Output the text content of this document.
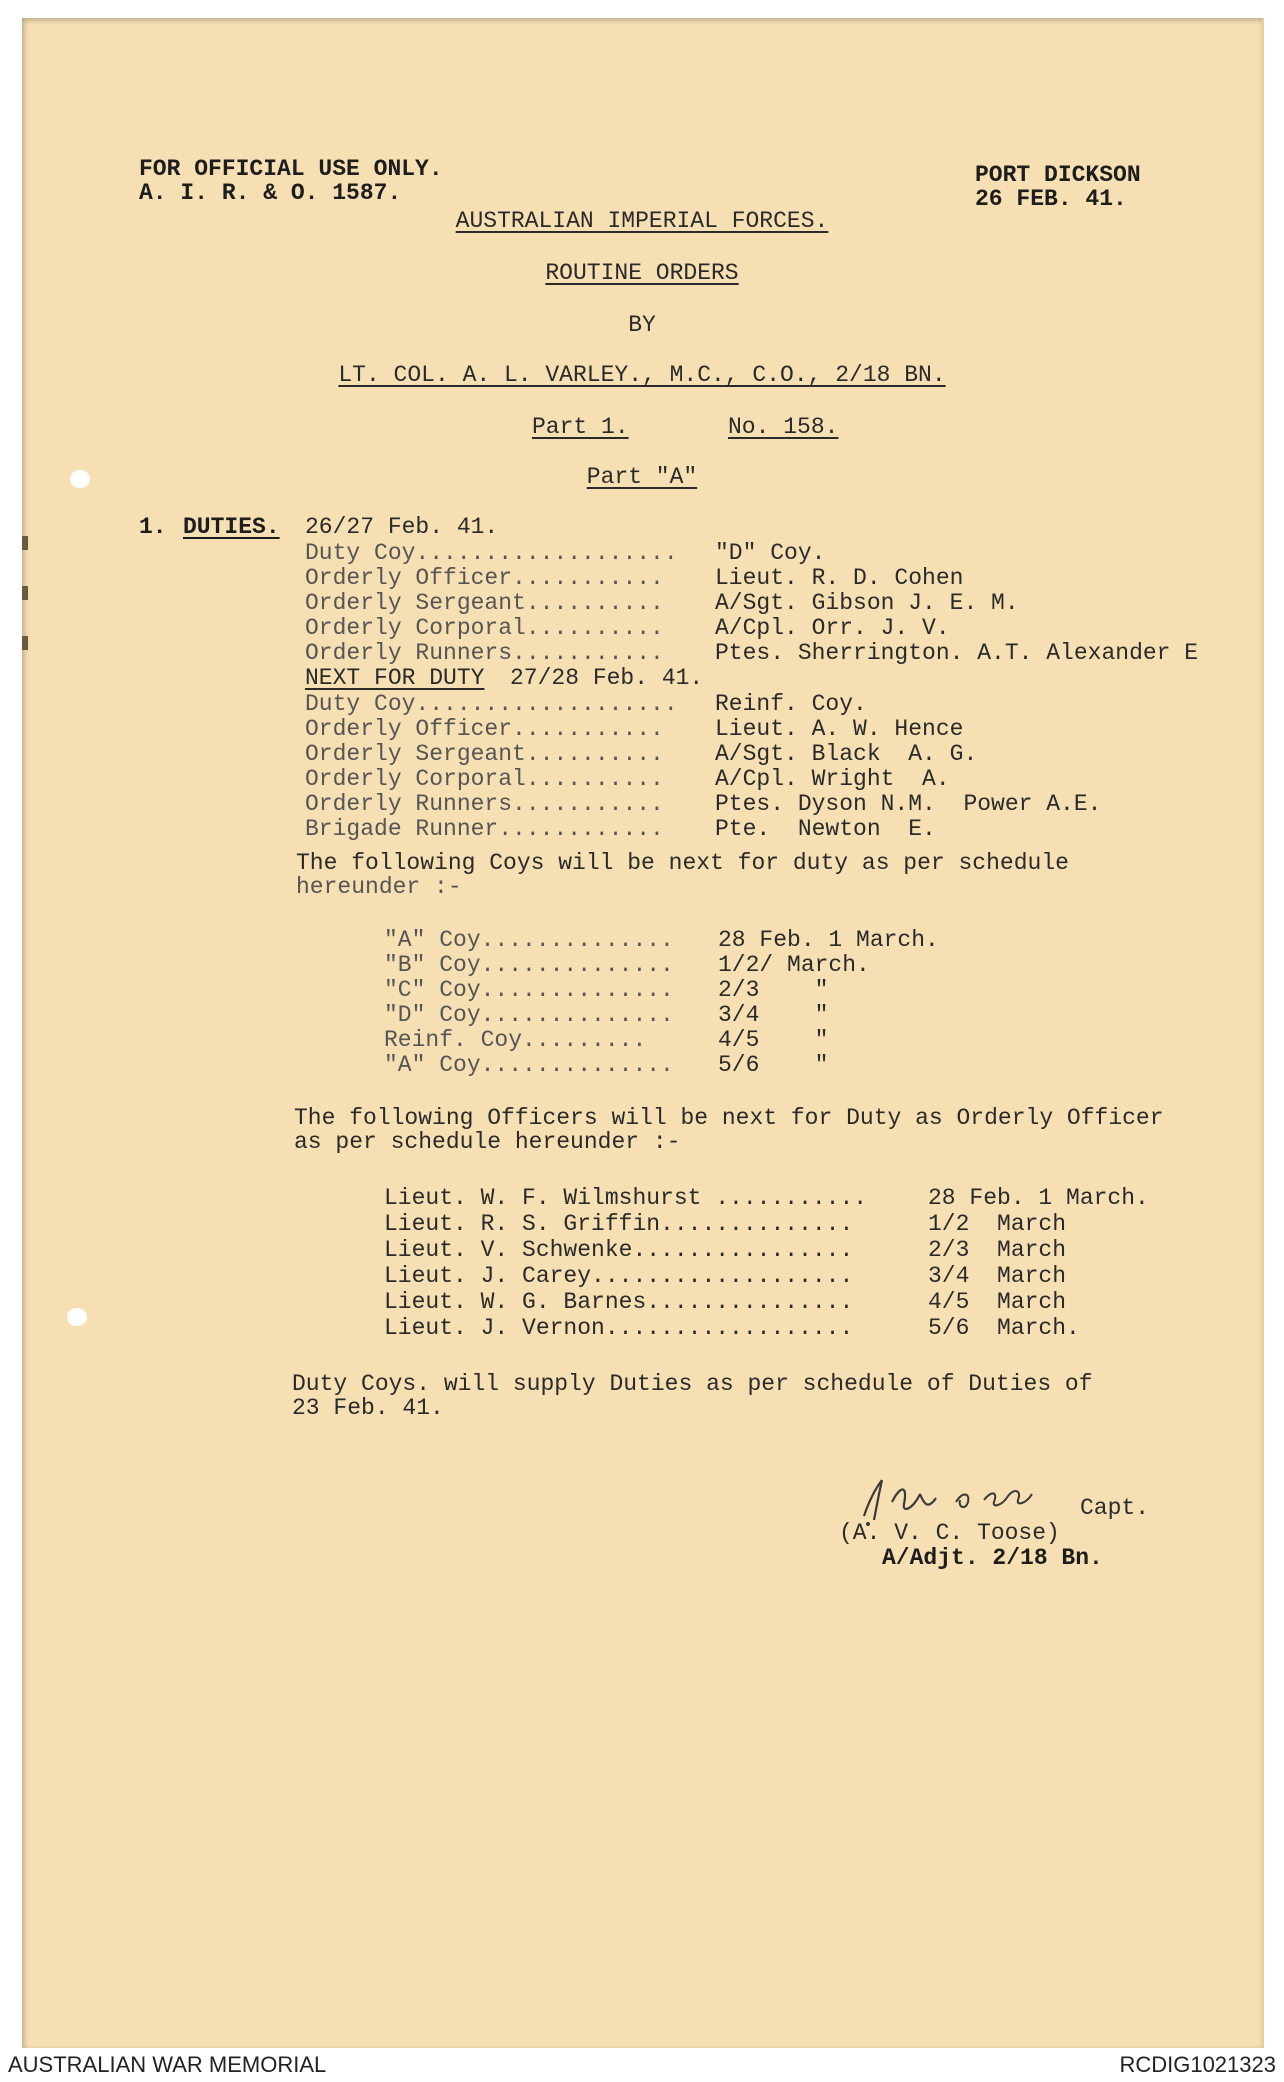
FOR OFFICIAL USE ONLY.
A. I. R. & O. 1587.
PORT DICKSON
26 FEB. 41.
AUSTRALIAN IMPERIAL FORCES.
ROUTINE ORDERS
BY
LT. COL. A. L. VARLEY., M.C., C.O., 2/18 BN.
Part 1.	No. 158.
Part "A"
1. DUTIES. 26/27 Feb. 41.
Duty Coy................... "D" Coy.
Orderly Officer........... Lieut. R. D. Cohen
Orderly Sergeant.......... A/Sgt. Gibson J. E. M.
Orderly Corporal.......... A/Cpl. Orr. J. V.
Orderly Runners........... Ptes. Sherrington. A.T. Alexander E
NEXT FOR DUTY 27/28 Feb. 41.
Duty Coy................... Reinf. Coy.
Orderly Officer........... Lieut. A. W. Hence
Orderly Sergeant.......... A/Sgt. Black  A. G.
Orderly Corporal.......... A/Cpl. Wright  A.
Orderly Runners........... Ptes. Dyson N.M.  Power A.E.
Brigade Runner............ Pte.  Newton  E.
The following Coys will be next for duty as per schedule
hereunder :-
"A" Coy.............. 28 Feb. 1 March.
"B" Coy.............. 1/2/ March.
"C" Coy.............. 2/3    "
"D" Coy.............. 3/4    "
Reinf. Coy.........	4/5    "
"A" Coy.............. 5/6    "
The following Officers will be next for Duty as Orderly Officer
as per schedule hereunder :-
Lieut. W. F. Wilmshurst ...........	28 Feb. 1 March.
Lieut. R. S. Griffin..............	1/2  March
Lieut. V. Schwenke................	2/3  March
Lieut. J. Carey...................	3/4  March
Lieut. W. G. Barnes...............	4/5  March
Lieut. J. Vernon..................	5/6  March.
Duty Coys. will supply Duties as per schedule of Duties of
23 Feb. 41.
Capt.
(A. V. C. Toose)
A/Adjt. 2/18 Bn.
AUSTRALIAN WAR MEMORIAL	RCDIG1021323
